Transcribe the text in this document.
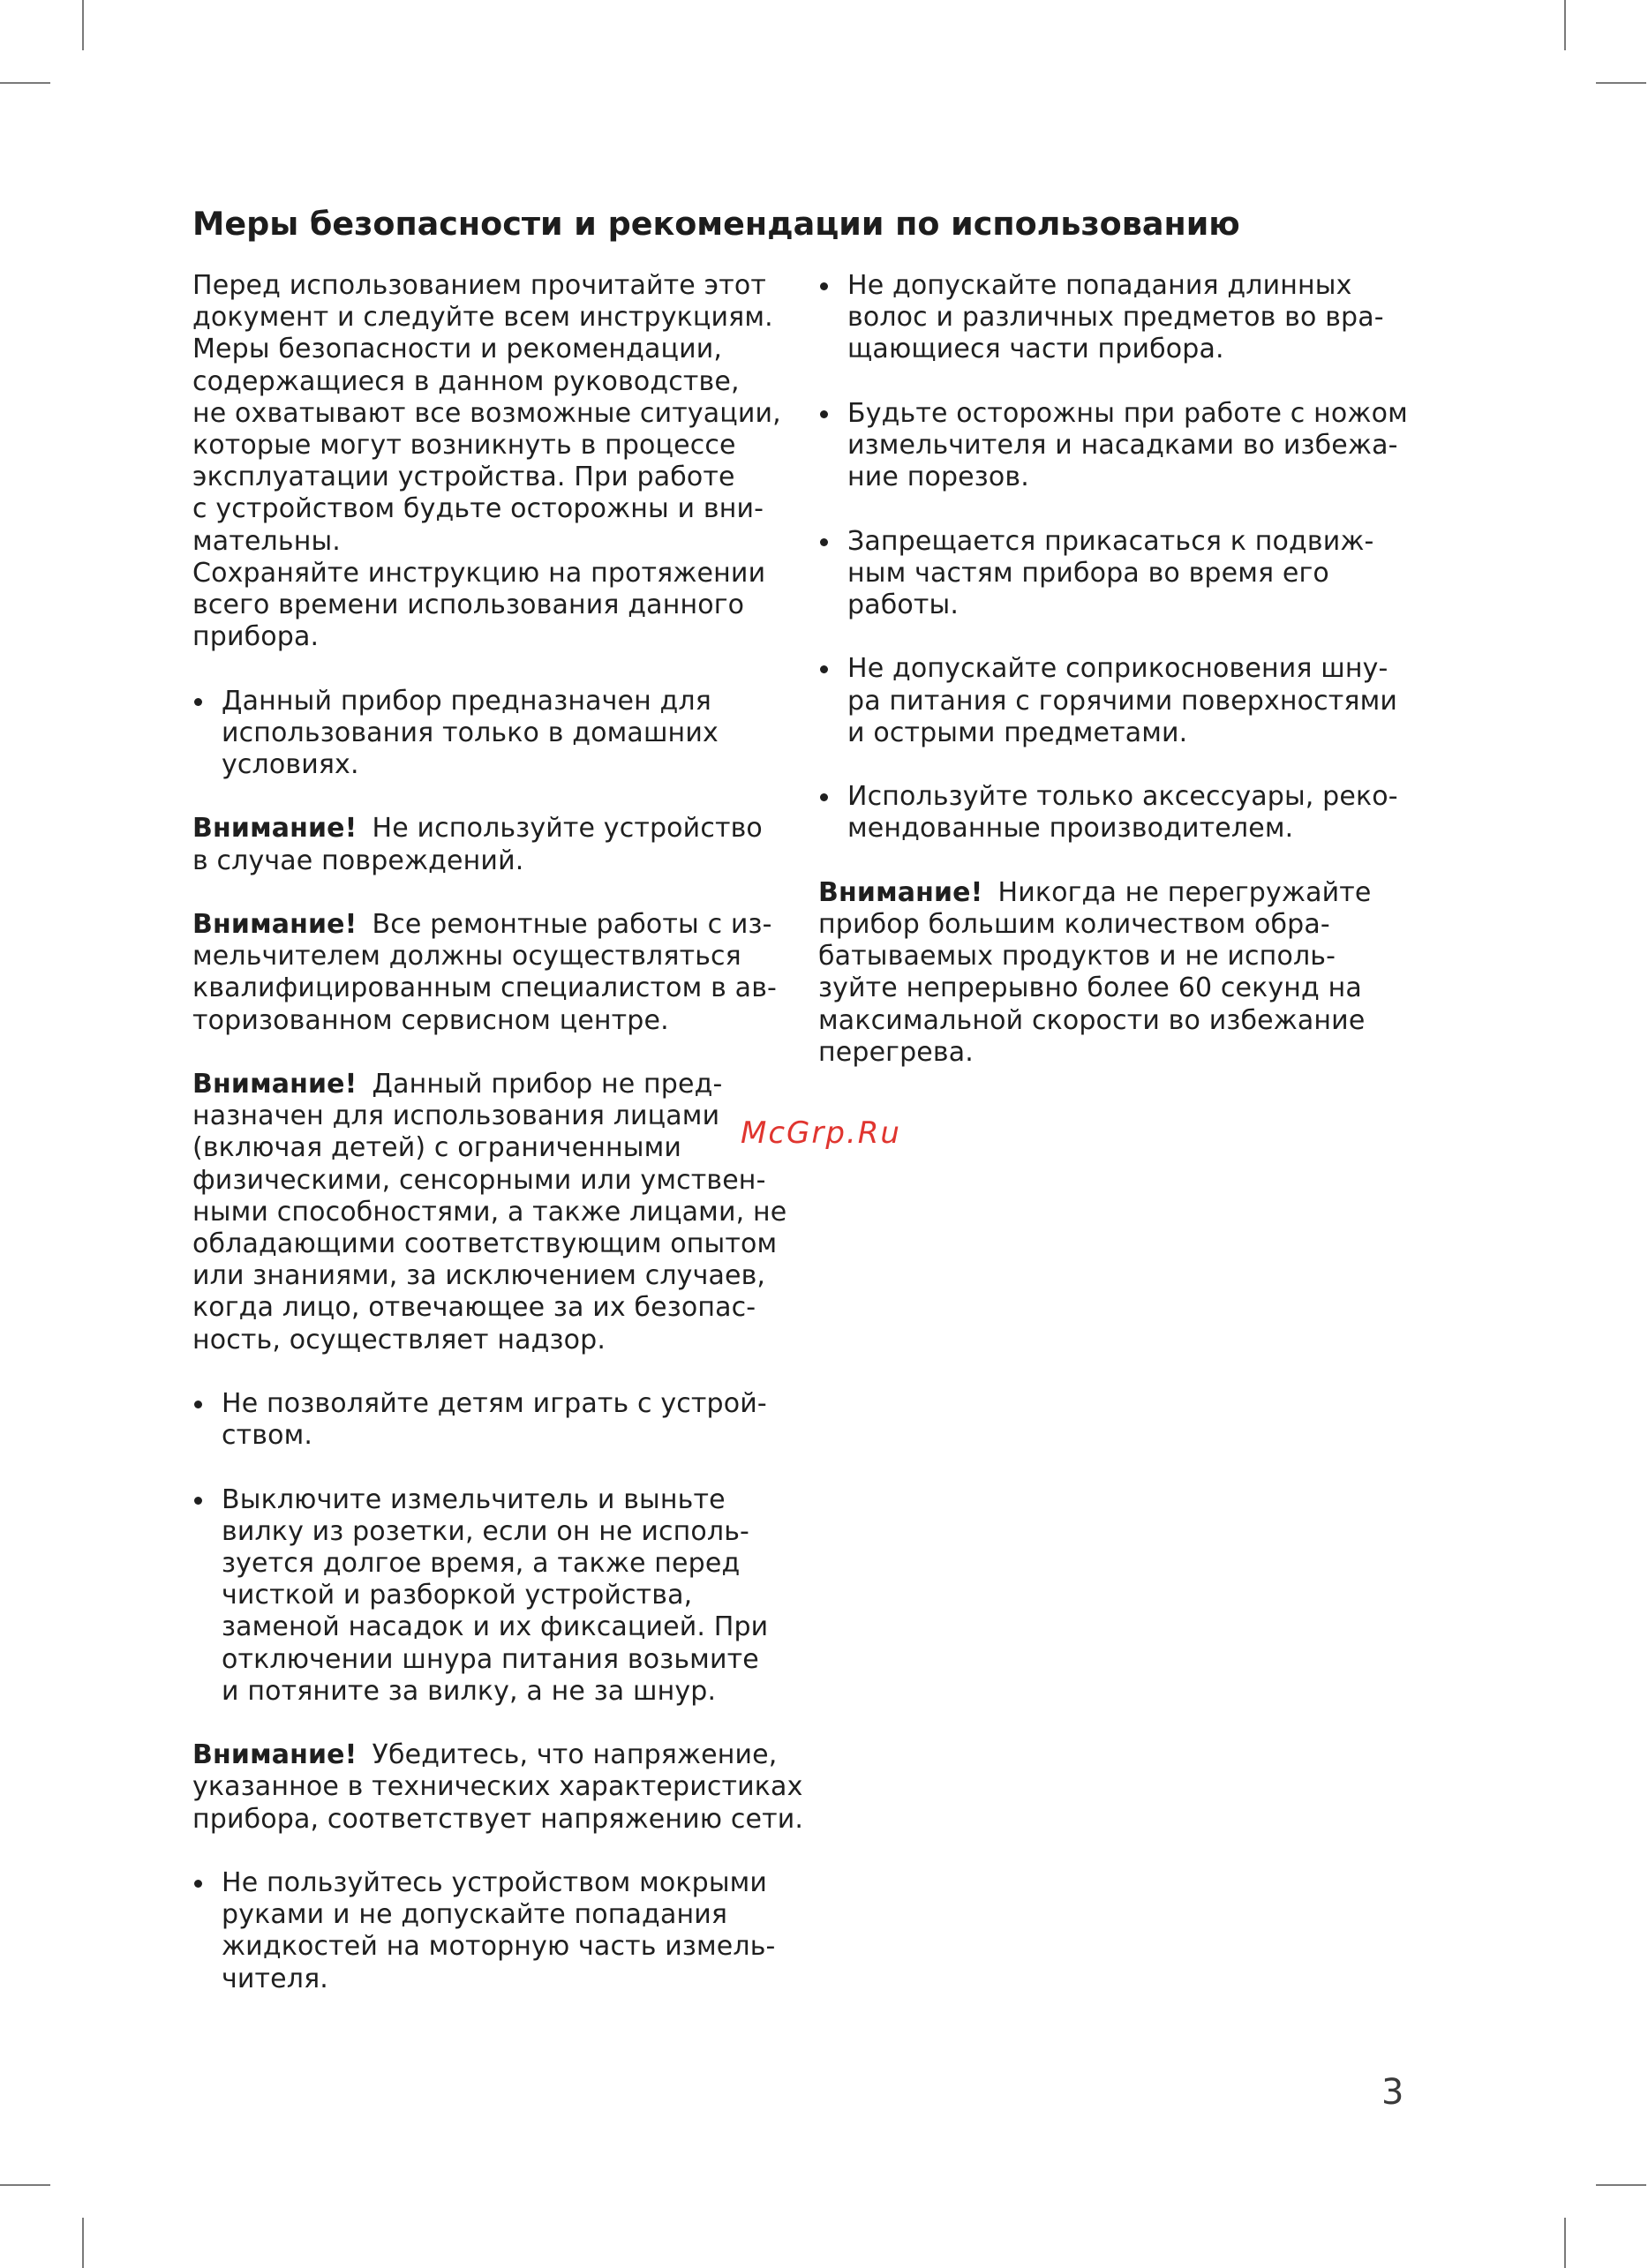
Меры безопасности и рекомендации по использованию
Перед использованием прочитайте этот
документ и следуйте всем инструкциям.
Меры безопасности и рекомендации,
содержащиеся в данном руководстве,
не охватывают все возможные ситуации,
которые могут возникнуть в процессе
эксплуатации устройства. При работе
с устройством будьте осторожны и вни-
мательны.
Сохраняйте инструкцию на протяжении
всего времени использования данного
прибора.
Данный прибор предназначен для
использования только в домашних
условиях.
Внимание! Не используйте устройство
в случае повреждений.
Внимание! Все ремонтные работы с из-
мельчителем должны осуществляться
квалифицированным специалистом в ав-
торизованном сервисном центре.
Внимание! Данный прибор не пред-
назначен для использования лицами
(включая детей) с ограниченными
физическими, сенсорными или умствен-
ными способностями, а также лицами, не
обладающими соответствующим опытом
или знаниями, за исключением случаев,
когда лицо, отвечающее за их безопас-
ность, осуществляет надзор.
Не позволяйте детям играть с устрой-
ством.
Выключите измельчитель и выньте
вилку из розетки, если он не исполь-
зуется долгое время, а также перед
чисткой и разборкой устройства,
заменой насадок и их фиксацией. При
отключении шнура питания возьмите
и потяните за вилку, а не за шнур.
Внимание! Убедитесь, что напряжение,
указанное в технических характеристиках
прибора, соответствует напряжению сети.
Не пользуйтесь устройством мокрыми
руками и не допускайте попадания
жидкостей на моторную часть измель-
чителя.
Не допускайте попадания длинных
волос и различных предметов во вра-
щающиеся части прибора.
Будьте осторожны при работе с ножом
измельчителя и насадками во избежа-
ние порезов.
Запрещается прикасаться к подвиж-
ным частям прибора во время его
работы.
Не допускайте соприкосновения шну-
ра питания с горячими поверхностями
и острыми предметами.
Используйте только аксессуары, реко-
мендованные производителем.
Внимание! Никогда не перегружайте
прибор большим количеством обра-
батываемых продуктов и не исполь-
зуйте непрерывно более 60 секунд на
максимальной скорости во избежание
перегрева.
McGrp.Ru
3
